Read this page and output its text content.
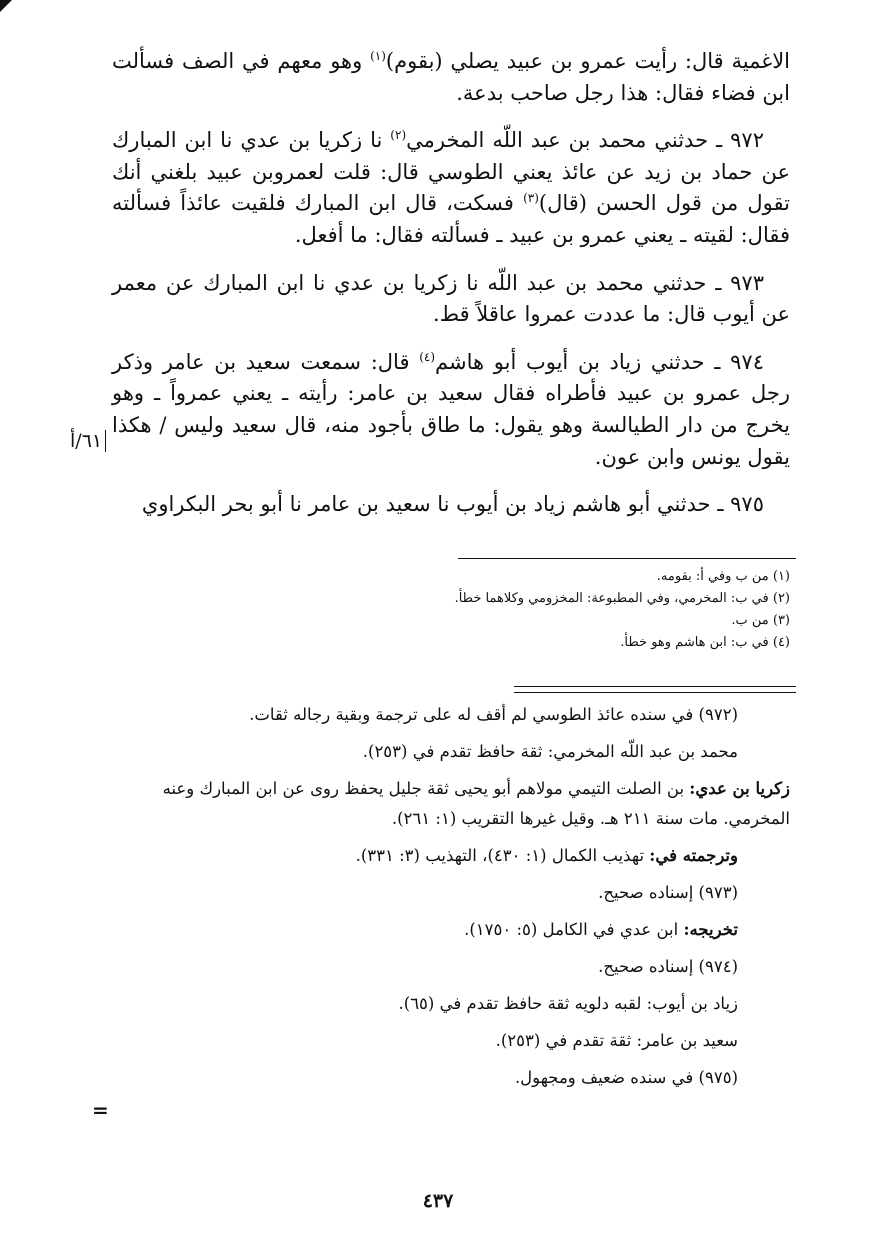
الاغمية قال: رأيت عمرو بن عبيد يصلي (بقوم)$^{(١)}$ وهو معهم في الصف فسألت ابن فضاء فقال: هذا رجل صاحب بدعة.

٩٧٢ ـ حدثني محمد بن عبد اللّه المخرمي$^{(٢)}$ نا زكريا بن عدي نا ابن المبارك عن حماد بن زيد عن عائذ يعني الطوسي قال: قلت لعمروبن عبيد بلغني أنك تقول من قول الحسن (قال)$^{(٣)}$ فسكت، قال ابن المبارك فلقيت عائذاً فسألته فقال: لقيته ـ يعني عمرو بن عبيد ـ فسألته فقال: ما أفعل.

٩٧٣ ـ حدثني محمد بن عبد اللّه نا زكريا بن عدي نا ابن المبارك عن معمر عن أيوب قال: ما عددت عمروا عاقلاً قط.

٩٧٤ ـ حدثني زياد بن أيوب أبو هاشم$^{(٤)}$ قال: سمعت سعيد بن عامر وذكر رجل عمرو بن عبيد فأطراه فقال سعيد بن عامر: رأيته ـ يعني عمرواً ـ وهو يخرج من دار الطيالسة وهو يقول: ما طاق بأجود منه، قال سعيد وليس / هكذا يقول يونس وابن عون.

٩٧٥ ـ حدثني أبو هاشم زياد بن أيوب نا سعيد بن عامر نا أبو بحر البكراوي

٦١/أ
(١) من ب وفي أ: بقومه.
(٢) في ب: المخرمي، وفي المطبوعة: المخزومي وكلاهما خطأ.
(٣) من ب.
(٤) في ب: ابن هاشم وهو خطأ.
(٩٧٢) في سنده عائذ الطوسي لم أقف له على ترجمة وبقية رجاله ثقات.
محمد بن عبد اللّه المخرمي: ثقة حافظ تقدم في (٢٥٣).
زكريا بن عدي: بن الصلت التيمي مولاهم أبو يحيى ثقة جليل يحفظ روى عن ابن المبارك وعنه المخرمي. مات سنة ٢١١ هـ. وقيل غيرها التقريب (١: ٢٦١).
وترجمته في: تهذيب الكمال (١: ٤٣٠)، التهذيب (٣: ٣٣١).
(٩٧٣) إسناده صحيح.
تخريجه: ابن عدي في الكامل (٥: ١٧٥٠).
(٩٧٤) إسناده صحيح.
زياد بن أيوب: لقبه دلويه ثقة حافظ تقدم في (٦٥).
سعيد بن عامر: ثقة تقدم في (٢٥٣).
(٩٧٥) في سنده ضعيف ومجهول.
=
٤٣٧
